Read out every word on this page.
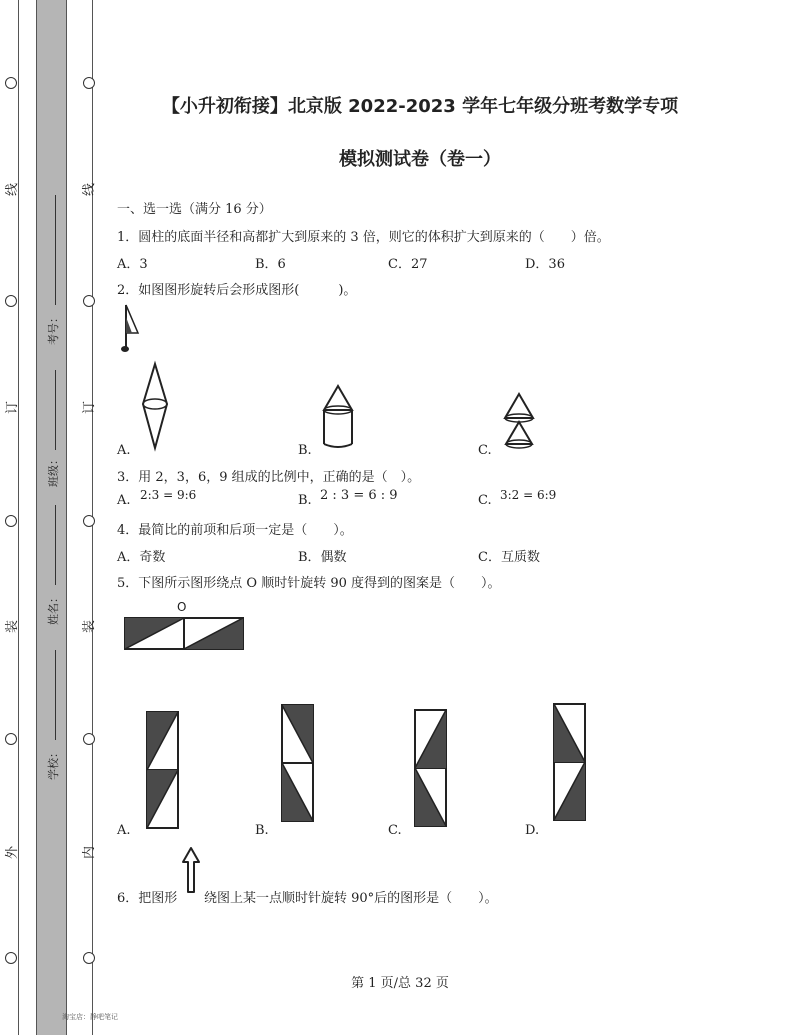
线
订
装
外
线
订
装
内
考号：
班级：
姓名：
学校：
【小升初衔接】北京版 2022-2023 学年七年级分班考数学专项
模拟测试卷（卷一）
一、选一选（满分 16 分）
1．圆柱的底面半径和高都扩大到原来的 3 倍，则它的体积扩大到原来的（　　）倍。
A．3	B．6	C．27	D．36
2．如图图形旋转后会形成图形(　　　)。
A.	B.	C.
3．用 2，3，6，9 组成的比例中，正确的是（　）。
A. 2:3 = 9:6	B. 2 : 3 = 6 : 9	C. 3:2 = 6:9
4．最简比的前项和后项一定是（　　）。
A．奇数	B．偶数	C．互质数
5．下图所示图形绕点 O 顺时针旋转 90 度得到的图案是（　　）。
O
A.	B.	C.	D.
6．把图形 绕图上某一点顺时针旋转 90°后的图形是（　　）。
第 1 页/总 32 页
淘宝店：静吧笔记
